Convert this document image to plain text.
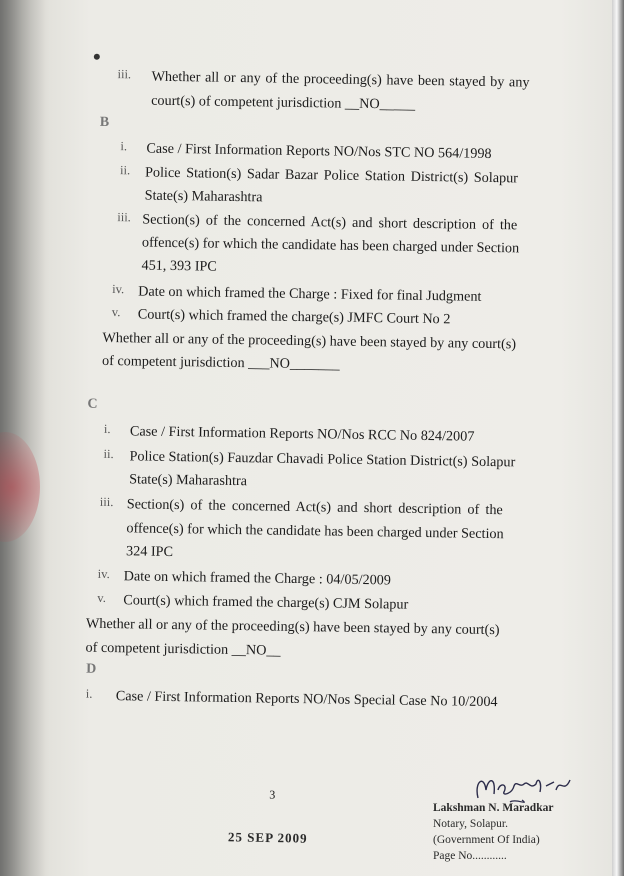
iii. Whether all or any of the proceeding(s) have been stayed by any
court(s) of competent jurisdiction __NO_____
B
i. Case / First Information Reports NO/Nos STC NO 564/1998
ii. Police Station(s) Sadar Bazar Police Station District(s) Solapur
State(s) Maharashtra
iii. Section(s) of the concerned Act(s) and short description of the
offence(s) for which the candidate has been charged under Section
451, 393 IPC
iv. Date on which framed the Charge : Fixed for final Judgment
v. Court(s) which framed the charge(s) JMFC Court No 2
Whether all or any of the proceeding(s) have been stayed by any court(s)
of competent jurisdiction ___NO_______
C
i. Case / First Information Reports NO/Nos RCC No 824/2007
ii. Police Station(s) Fauzdar Chavadi Police Station District(s) Solapur
State(s) Maharashtra
iii. Section(s) of the concerned Act(s) and short description of the
offence(s) for which the candidate has been charged under Section
324 IPC
iv. Date on which framed the Charge : 04/05/2009
v. Court(s) which framed the charge(s) CJM Solapur
Whether all or any of the proceeding(s) have been stayed by any court(s)
of competent jurisdiction __NO__
D
i. Case / First Information Reports NO/Nos Special Case No 10/2004
3
25 SEP 2009
Lakshman N. Maradkar
Notary, Solapur.
(Government Of India)
Page No............
